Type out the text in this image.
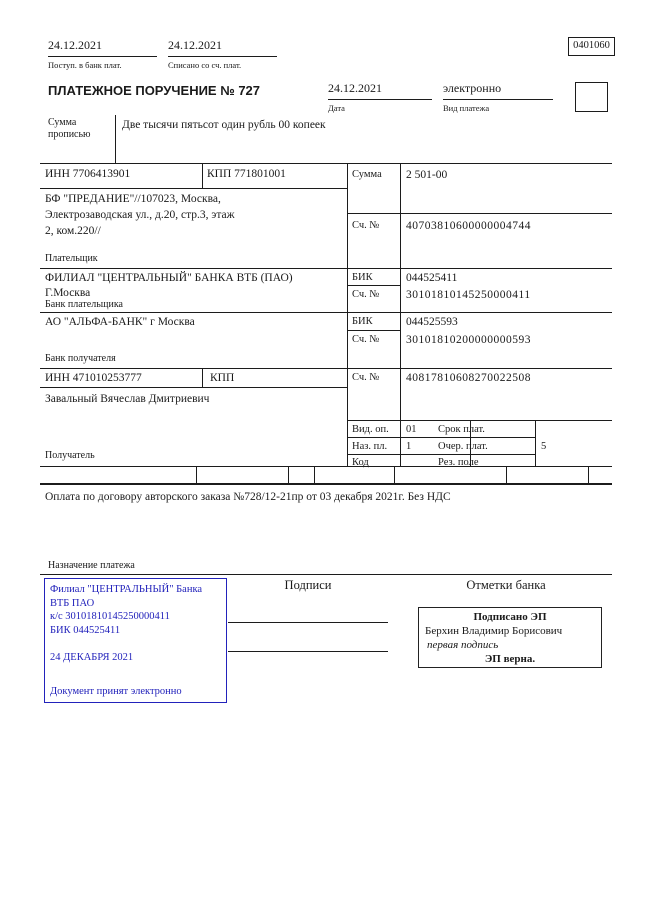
24.12.2021
Поступ. в банк плат.
24.12.2021
Списано со сч. плат.
0401060
ПЛАТЕЖНОЕ ПОРУЧЕНИЕ № 727	24.12.2021
Дата
электронно
Вид платежа
Сумма прописью
Две тысячи пятьсот один рубль 00 копеек
ИНН 7706413901	КПП 771801001
БФ "ПРЕДАНИЕ"//107023, Москва,
Электрозаводская ул., д.20, стр.3, этаж
2, ком.220//
Плательщик
Сумма 2 501-00
Сч. № 40703810600000004744
ФИЛИАЛ "ЦЕНТРАЛЬНЫЙ" БАНКА ВТБ (ПАО)
Г.Москва
Банк плательщика
БИК	044525411
Сч. № 30101810145250000411
АО "АЛЬФА-БАНК" г Москва
Банк получателя
БИК	044525593
Сч. № 30101810200000000593
ИНН 471010253777	КПП
Завальный Вячеслав Дмитриевич
Получатель
Сч. № 40817810608270022508
Вид. оп. 01 Срок плат.
Наз. пл. 1	Очер. плат.	5
Код	Рез. поле
Оплата по договору авторского заказа №728/12-21пр от 03 декабря 2021г. Без НДС
Назначение платежа
Филиал "ЦЕНТРАЛЬНЫЙ" Банка
ВТБ ПАО
к/с 30101810145250000411
БИК 044525411
24 ДЕКАБРЯ 2021
Документ принят электронно
Подписи	Отметки банка
Подписано ЭП
Берхин Владимир Борисович
первая подпись
ЭП верна.
